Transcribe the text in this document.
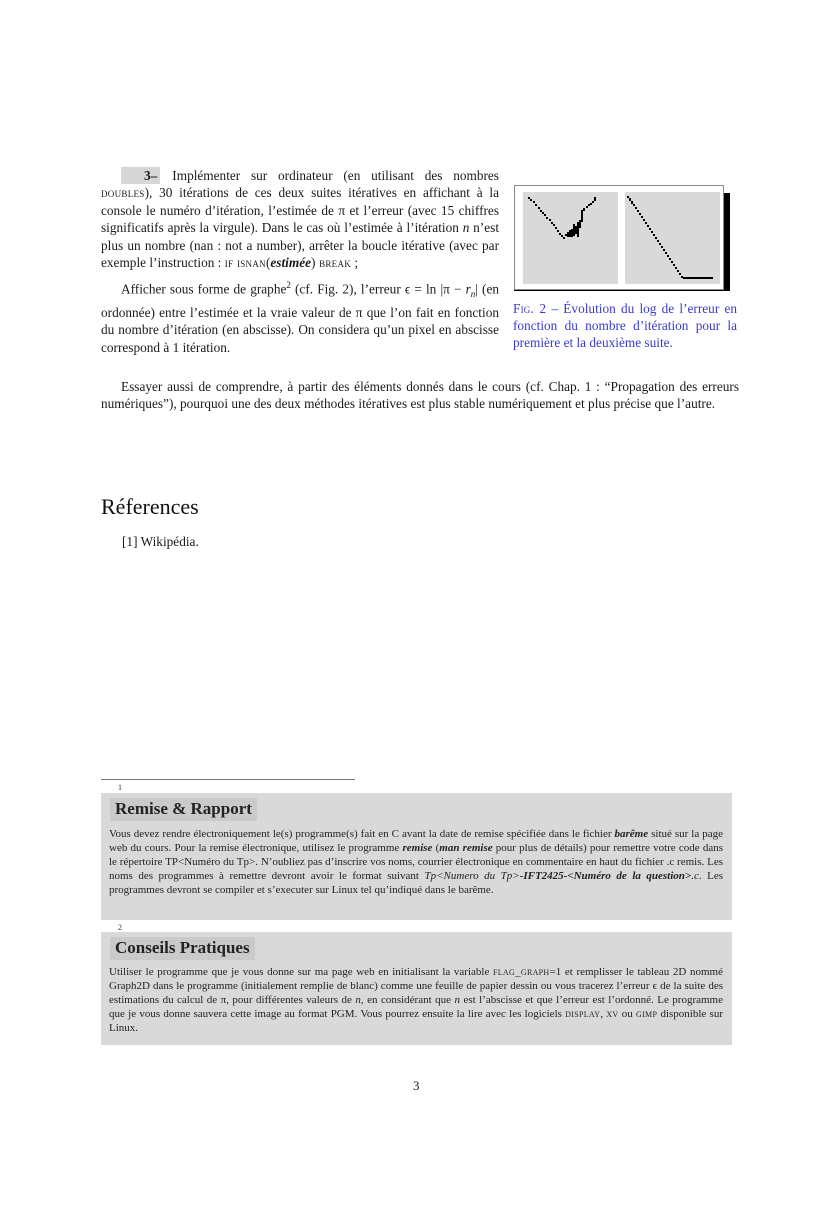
3– Implémenter sur ordinateur (en utilisant des nombres doubles), 30 itérations de ces deux suites itératives en affichant à la console le numéro d’itération, l’estimée de π et l’erreur (avec 15 chiffres significatifs après la virgule). Dans le cas où l’estimée à l’itération n n’est plus un nombre (nan : not a number), arrêter la boucle itérative (avec par exemple l’instruction : if isnan(estimée) break ;

Afficher sous forme de graphe$^2$ (cf. Fig. 2), l’erreur $\epsilon = \ln |\pi - r_n|$ (en ordonnée) entre l’estimée et la vraie valeur de π que l’on fait en fonction du nombre d’itération (en abscisse). On considera qu’un pixel en abscisse correspond à 1 itération.

Fig. 2 – Évolution du log de l’erreur en fonction du nombre d’itération pour la première et la deuxième suite.

Essayer aussi de comprendre, à partir des éléments donnés dans le cours (cf. Chap. 1 : “Propagation des erreurs numériques”), pourquoi une des deux méthodes itératives est plus stable numériquement et plus précise que l’autre.

Réferences
[1] Wikipédia.
1
Remise & Rapport
Vous devez rendre électroniquement le(s) programme(s) fait en C avant la date de remise spécifiée dans le fichier barême situé sur la page web du cours. Pour la remise électronique, utilisez le programme remise (man remise pour plus de détails) pour remettre votre code dans le répertoire TP<Numéro du Tp>. N’oubliez pas d’inscrire vos noms, courrier électronique en commentaire en haut du fichier .c remis. Les noms des programmes à remettre devront avoir le format suivant Tp<Numero du Tp>-IFT2425-<Numéro de la question>.c. Les programmes devront se compiler et s’executer sur Linux tel qu’indiqué dans le barême.
2
Conseils Pratiques
Utiliser le programme que je vous donne sur ma page web en initialisant la variable flag_graph=1 et remplisser le tableau 2D nommé Graph2D dans le programme (initialement remplie de blanc) comme une feuille de papier dessin ou vous tracerez l’erreur ϵ de la suite des estimations du calcul de π, pour différentes valeurs de n, en considérant que n est l’abscisse et que l’erreur est l’ordonné. Le programme que je vous donne sauvera cette image au format PGM. Vous pourrez ensuite la lire avec les logiciels display, xv ou gimp disponible sur Linux.
3
